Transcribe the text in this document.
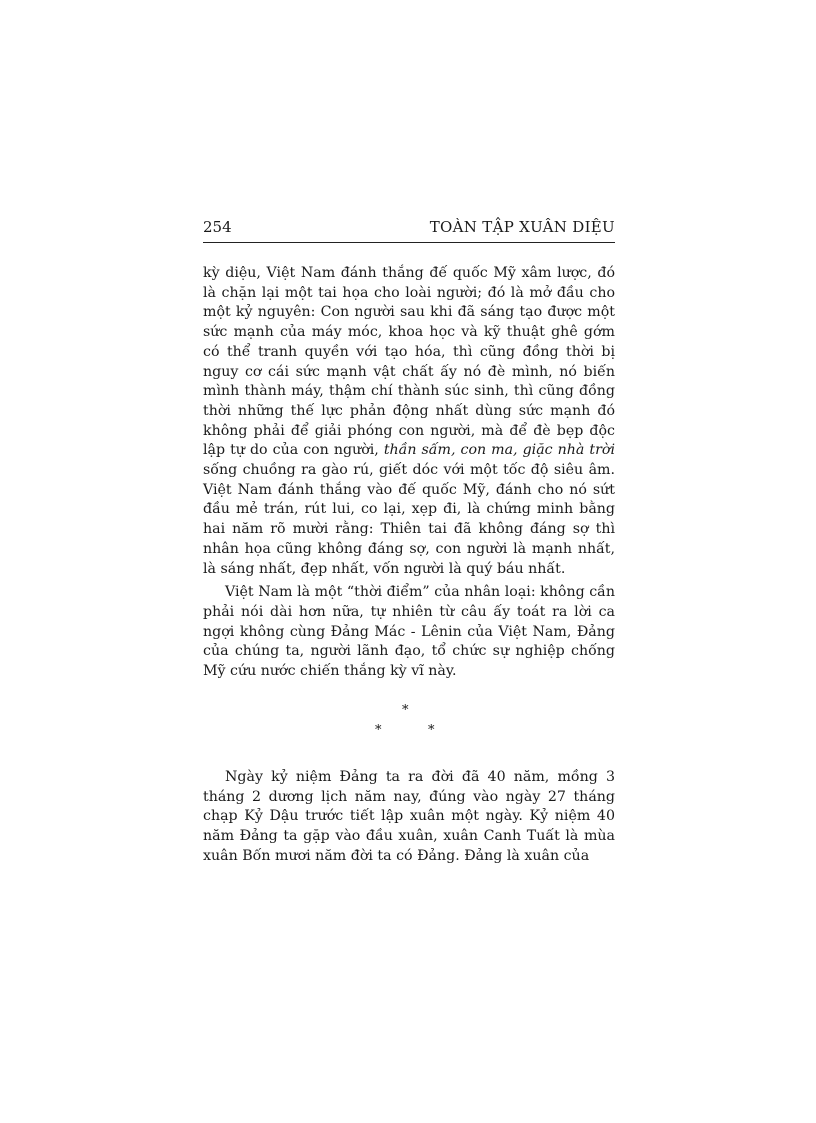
254	TOÀN TẬP XUÂN DIỆU

kỳ diệu, Việt Nam đánh thắng đế quốc Mỹ xâm lược, đó là chặn lại một tai họa cho loài người; đó là mở đầu cho một kỷ nguyên: Con người sau khi đã sáng tạo được một sức mạnh của máy móc, khoa học và kỹ thuật ghê gớm có thể tranh quyền với tạo hóa, thì cũng đồng thời bị nguy cơ cái sức mạnh vật chất ấy nó đè mình, nó biến mình thành máy, thậm chí thành súc sinh, thì cũng đồng thời những thế lực phản động nhất dùng sức mạnh đó không phải để giải phóng con người, mà để đè bẹp độc lập tự do của con người, thần sấm, con ma, giặc nhà trời sống chuồng ra gào rú, giết dóc với một tốc độ siêu âm. Việt Nam đánh thắng vào đế quốc Mỹ, đánh cho nó sứt đầu mẻ trán, rút lui, co lại, xẹp đi, là chứng minh bằng hai năm rõ mười rằng: Thiên tai đã không đáng sợ thì nhân họa cũng không đáng sợ, con người là mạnh nhất, là sáng nhất, đẹp nhất, vốn người là quý báu nhất.

Việt Nam là một “thời điểm” của nhân loại: không cần phải nói dài hơn nữa, tự nhiên từ câu ấy toát ra lời ca ngợi không cùng Đảng Mác - Lênin của Việt Nam, Đảng của chúng ta, người lãnh đạo, tổ chức sự nghiệp chống Mỹ cứu nước chiến thắng kỳ vĩ này.

*
*	*

Ngày kỷ niệm Đảng ta ra đời đã 40 năm, mồng 3 tháng 2 dương lịch năm nay, đúng vào ngày 27 tháng chạp Kỷ Dậu trước tiết lập xuân một ngày. Kỷ niệm 40 năm Đảng ta gặp vào đầu xuân, xuân Canh Tuất là mùa xuân Bốn mươi năm đời ta có Đảng. Đảng là xuân của
